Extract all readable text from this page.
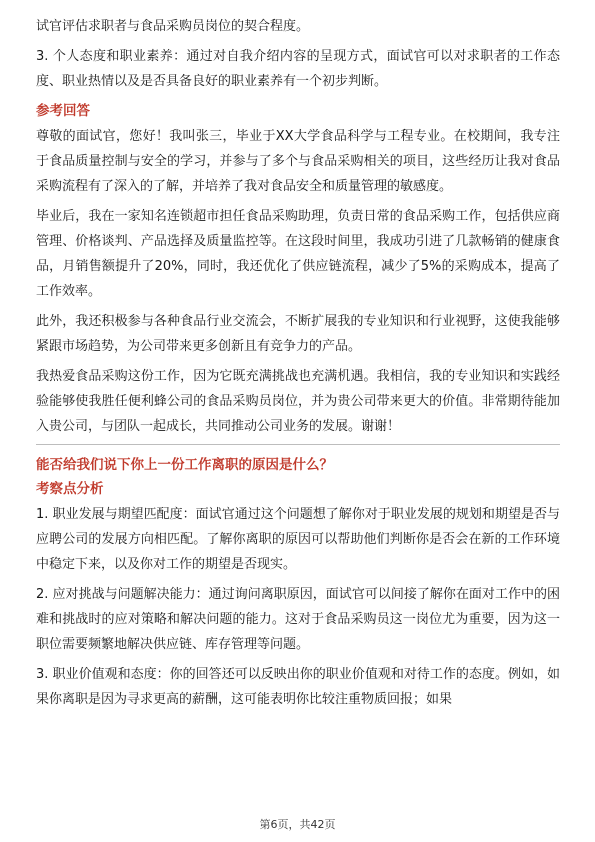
试官评估求职者与食品采购员岗位的契合程度。

3. 个人态度和职业素养：通过对自我介绍内容的呈现方式，面试官可以对求职者的工作态度、职业热情以及是否具备良好的职业素养有一个初步判断。

参考回答

尊敬的面试官，您好！我叫张三，毕业于XX大学食品科学与工程专业。在校期间，我专注于食品质量控制与安全的学习，并参与了多个与食品采购相关的项目，这些经历让我对食品采购流程有了深入的了解，并培养了我对食品安全和质量管理的敏感度。

毕业后，我在一家知名连锁超市担任食品采购助理，负责日常的食品采购工作，包括供应商管理、价格谈判、产品选择及质量监控等。在这段时间里，我成功引进了几款畅销的健康食品，月销售额提升了20%，同时，我还优化了供应链流程，减少了5%的采购成本，提高了工作效率。

此外，我还积极参与各种食品行业交流会，不断扩展我的专业知识和行业视野，这使我能够紧跟市场趋势，为公司带来更多创新且有竞争力的产品。

我热爱食品采购这份工作，因为它既充满挑战也充满机遇。我相信，我的专业知识和实践经验能够使我胜任便利蜂公司的食品采购员岗位，并为贵公司带来更大的价值。非常期待能加入贵公司，与团队一起成长，共同推动公司业务的发展。谢谢！

能否给我们说下你上一份工作离职的原因是什么？

考察点分析

1. 职业发展与期望匹配度：面试官通过这个问题想了解你对于职业发展的规划和期望是否与应聘公司的发展方向相匹配。了解你离职的原因可以帮助他们判断你是否会在新的工作环境中稳定下来，以及你对工作的期望是否现实。

2. 应对挑战与问题解决能力：通过询问离职原因，面试官可以间接了解你在面对工作中的困难和挑战时的应对策略和解决问题的能力。这对于食品采购员这一岗位尤为重要，因为这一职位需要频繁地解决供应链、库存管理等问题。

3. 职业价值观和态度：你的回答还可以反映出你的职业价值观和对待工作的态度。例如，如果你离职是因为寻求更高的薪酬，这可能表明你比较注重物质回报；如果

第6页，共42页
